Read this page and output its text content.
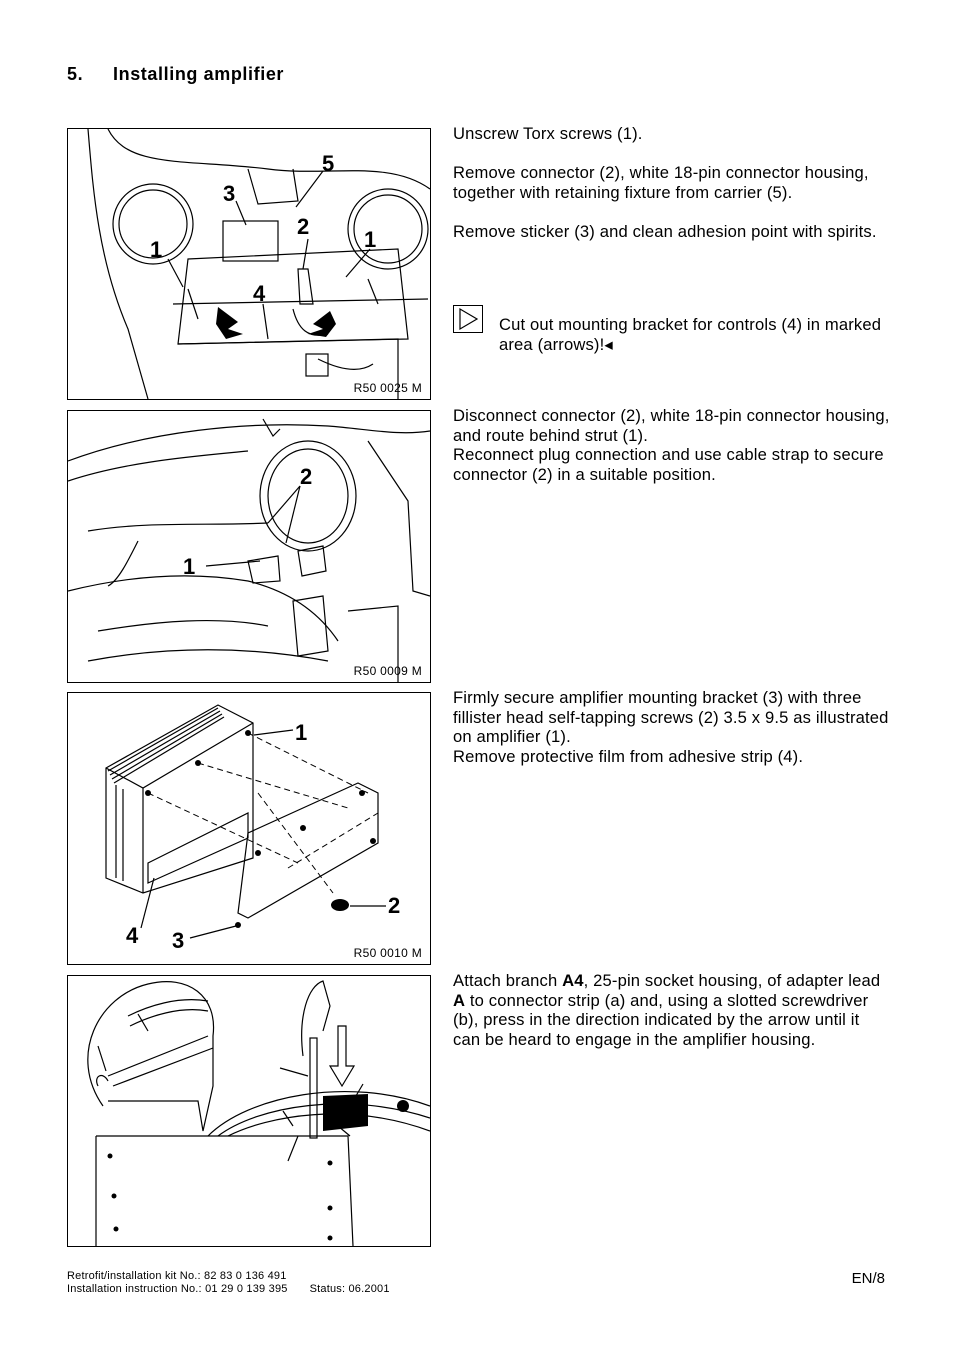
5. Installing amplifier
5
3
2
1	1
4
R50 0025 M
2
1
R50 0009 M
1
2
4 3	R50 0010 M

Unscrew Torx screws (1).

Remove connector (2), white 18-pin connector housing, together with retaining fixture from carrier (5).

Remove sticker (3) and clean adhesion point with spirits.

Cut out mounting bracket for controls (4) in marked area (arrows)!◂

Disconnect connector (2), white 18-pin connector housing, and route behind strut (1).

Reconnect plug connection and use cable strap to secure connector (2) in a suitable position.

Firmly secure amplifier mounting bracket (3) with three fillister head self-tapping screws (2) 3.5 x 9.5 as illustrated on amplifier (1).

Remove protective film from adhesive strip (4).

Attach branch A4, 25-pin socket housing, of adapter lead A to connector strip (a) and, using a slotted screwdriver (b), press in the direction indicated by the arrow until it can be heard to engage in the amplifier housing.

Retrofit/installation kit No.: 82 83 0 136 491
Installation instruction No.: 01 29 0 139 395 Status: 06.2001
EN/8
